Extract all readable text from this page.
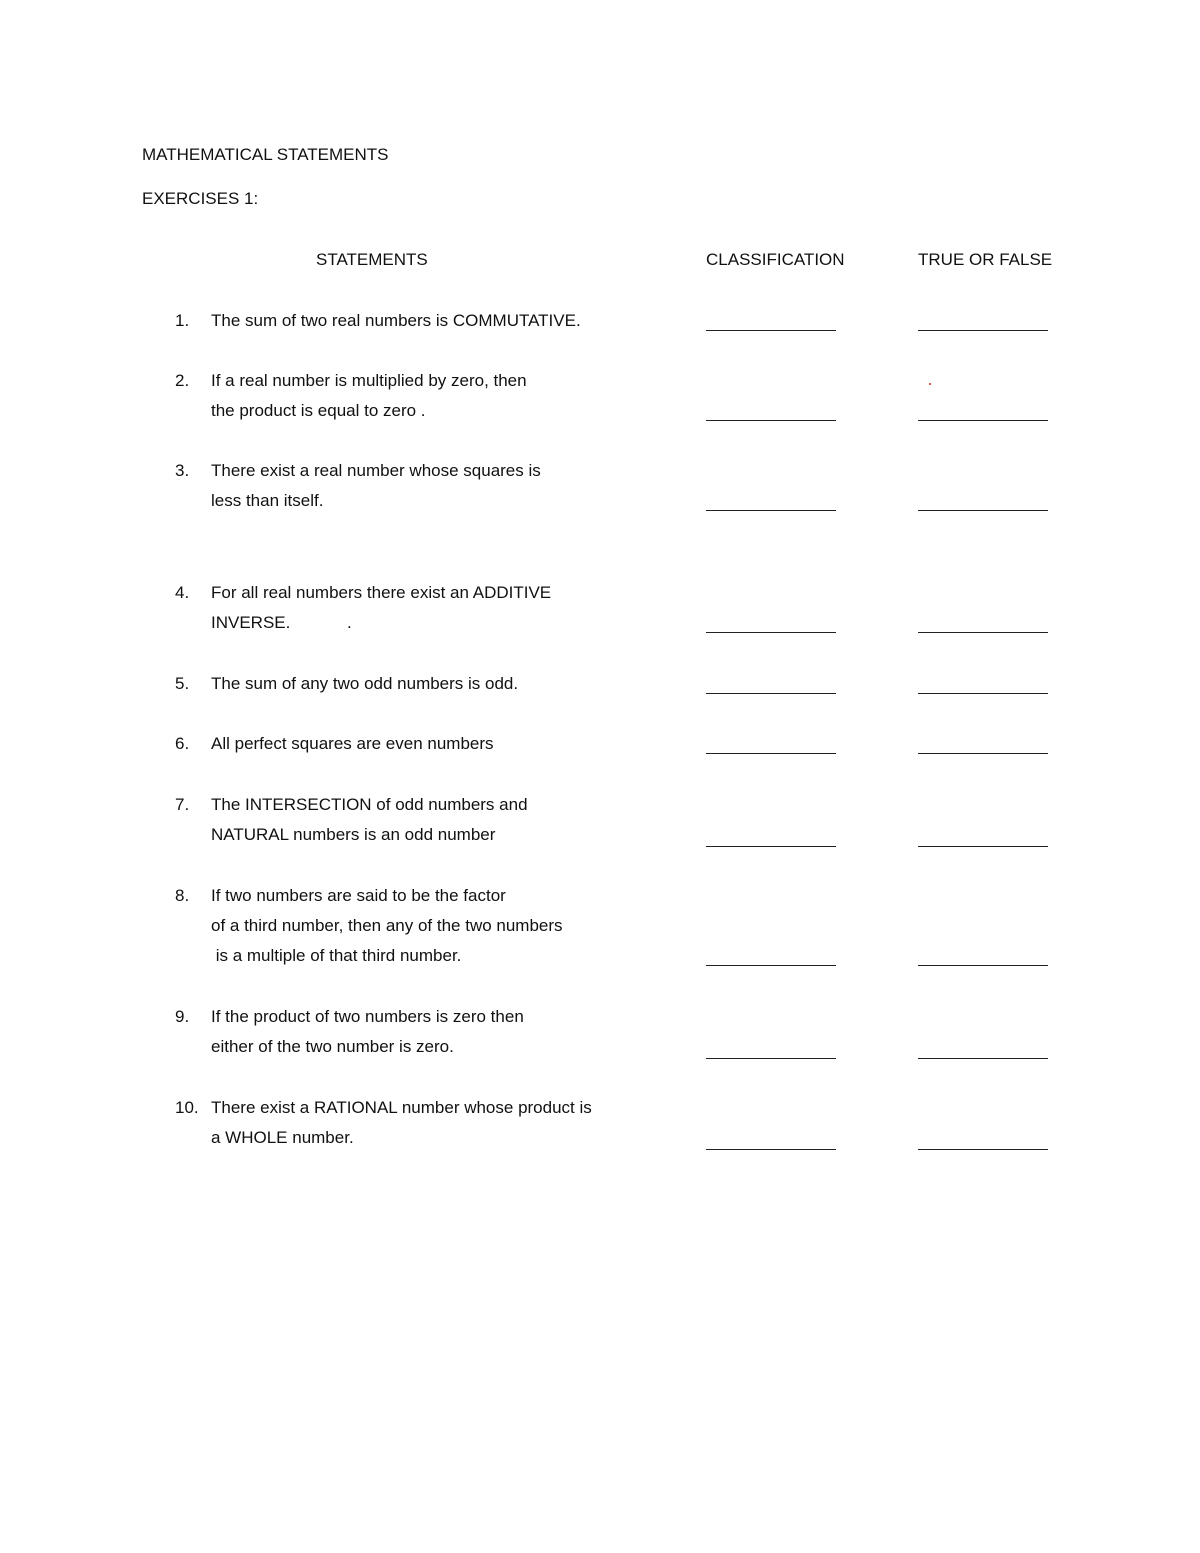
MATHEMATICAL STATEMENTS
EXERCISES 1:
STATEMENTS	CLASSIFICATION	TRUE OR FALSE
1. The sum of two real numbers is COMMUTATIVE.

2. If a real number is multiplied by zero, then
the product is equal to zero .

3. There exist a real number whose squares is
less than itself.

4. For all real numbers there exist an ADDITIVE
INVERSE.            .

5. The sum of any two odd numbers is odd.

6. All perfect squares are even numbers

7. The INTERSECTION of odd numbers and
NATURAL numbers is an odd number

8. If two numbers are said to be the factor
of a third number, then any of the two numbers
is a multiple of that third number.

9. If the product of two numbers is zero then
either of the two number is zero.

10. There exist a RATIONAL number whose product is
a WHOLE number.
